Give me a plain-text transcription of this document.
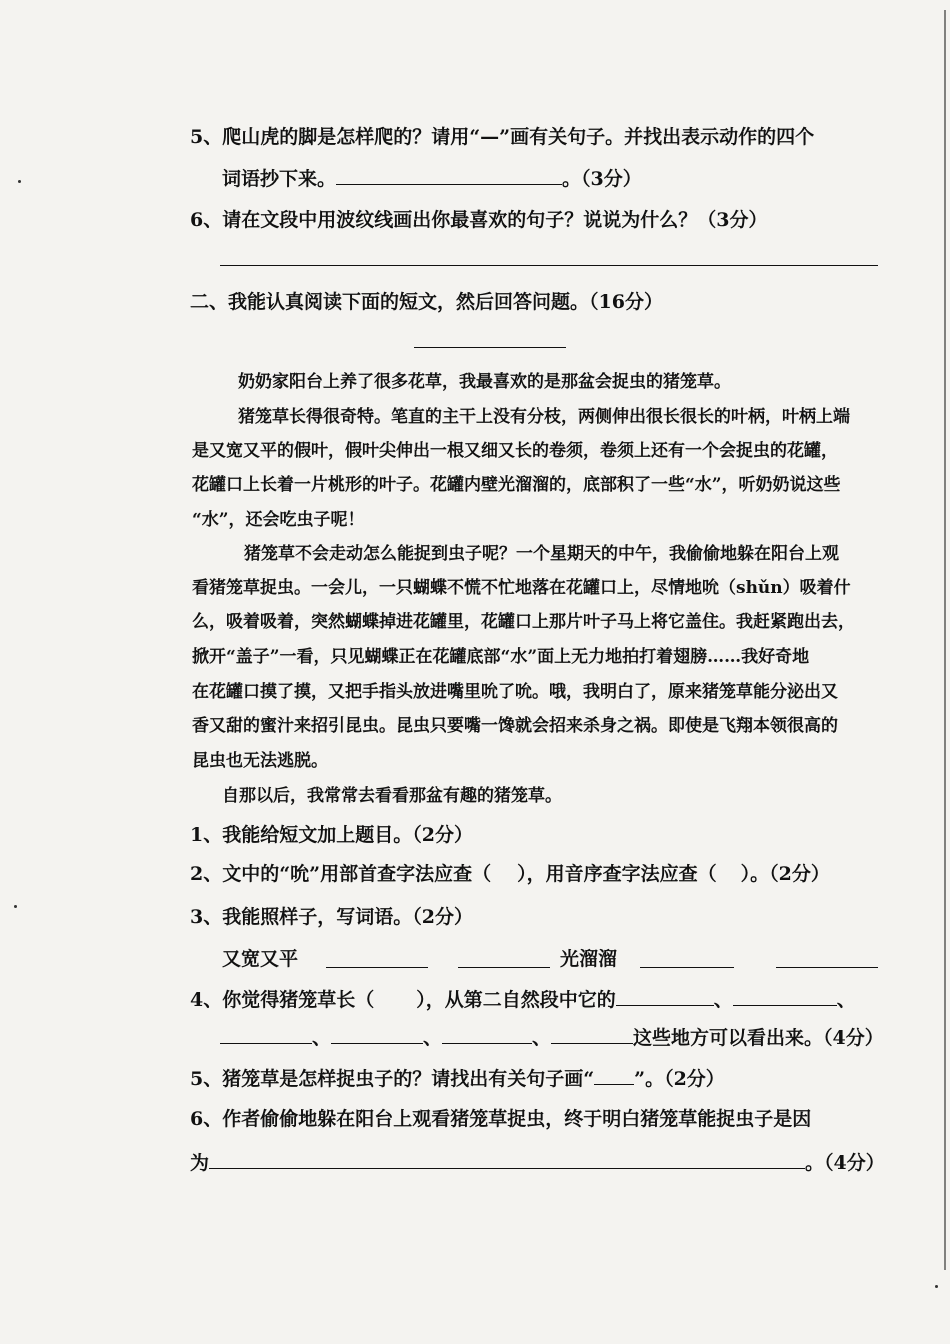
5、爬山虎的脚是怎样爬的？请用“—”画有关句子。并找出表示动作的四个
词语抄下来。	。（3分）
6、请在文段中用波纹线画出你最喜欢的句子？说说为什么？（3分）
二、我能认真阅读下面的短文，然后回答问题。（16分）
奶奶家阳台上养了很多花草，我最喜欢的是那盆会捉虫的猪笼草。
猪笼草长得很奇特。笔直的主干上没有分枝，两侧伸出很长很长的叶柄，叶柄上端
是又宽又平的假叶，假叶尖伸出一根又细又长的卷须，卷须上还有一个会捉虫的花罐，
花罐口上长着一片桃形的叶子。花罐内壁光溜溜的，底部积了一些“水”，听奶奶说这些
“水”，还会吃虫子呢！
猪笼草不会走动怎么能捉到虫子呢？一个星期天的中午，我偷偷地躲在阳台上观
看猪笼草捉虫。一会儿，一只蝴蝶不慌不忙地落在花罐口上，尽情地吮（shǔn）吸着什
么，吸着吸着，突然蝴蝶掉进花罐里，花罐口上那片叶子马上将它盖住。我赶紧跑出去，
掀开“盖子”一看，只见蝴蝶正在花罐底部“水”面上无力地拍打着翅膀……我好奇地
在花罐口摸了摸，又把手指头放进嘴里吮了吮。哦，我明白了，原来猪笼草能分泌出又
香又甜的蜜汁来招引昆虫。昆虫只要嘴一馋就会招来杀身之祸。即使是飞翔本领很高的
昆虫也无法逃脱。
自那以后，我常常去看看那盆有趣的猪笼草。
1、我能给短文加上题目。（2分）
2、文中的“吮”用部首查字法应查（ ），用音序查字法应查（ ）。（2分）
3、我能照样子，写词语。（2分）
又宽又平	光溜溜
4、你觉得猪笼草长（ ），从第二自然段中它的	、	、
、	、	、	这些地方可以看出来。（4分）
5、猪笼草是怎样捉虫子的？请找出有关句子画“ ”。（2分）
6、作者偷偷地躲在阳台上观看猪笼草捉虫，终于明白猪笼草能捉虫子是因
为	。（4分）
